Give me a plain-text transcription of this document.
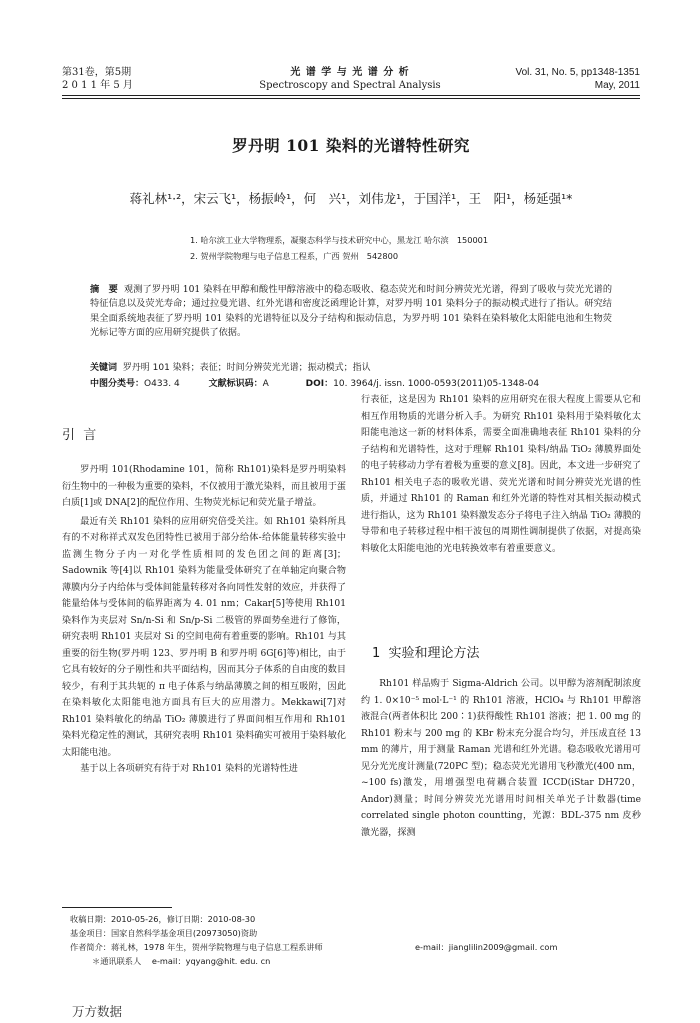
第31卷，第5期
2 0 1 1 年 5 月
光 谱 学 与 光 谱 分 析
Spectroscopy and Spectral Analysis
Vol. 31, No. 5, pp1348-1351
May, 2011
罗丹明 101 染料的光谱特性研究
蒋礼林¹·²，宋云飞¹，杨振岭¹，何　兴¹，刘伟龙¹，于国洋¹，王　阳¹，杨延强¹*
1. 哈尔滨工业大学物理系，凝聚态科学与技术研究中心，黑龙江 哈尔滨　150001
2. 贺州学院物理与电子信息工程系，广西 贺州　542800
摘　要 观测了罗丹明 101 染料在甲醇和酸性甲醇溶液中的稳态吸收、稳态荧光和时间分辨荧光光谱，得到了吸收与荧光光谱的特征信息以及荧光寿命；通过拉曼光谱、红外光谱和密度泛函理论计算，对罗丹明 101 染料分子的振动模式进行了指认。研究结果全面系统地表征了罗丹明 101 染料的光谱特征以及分子结构和振动信息，为罗丹明 101 染料在染料敏化太阳能电池和生物荧光标记等方面的应用研究提供了依据。
关键词 罗丹明 101 染料；表征；时间分辨荧光光谱；振动模式；指认
中图分类号：O433. 4	文献标识码：A	DOI：10. 3964/j. issn. 1000-0593(2011)05-1348-04
引 言

罗丹明 101(Rhodamine 101，简称 Rh101)染料是罗丹明染料衍生物中的一种极为重要的染料，不仅被用于激光染料，而且被用于蛋白质[1]或 DNA[2]的配位作用、生物荧光标记和荧光量子增益。

最近有关 Rh101 染料的应用研究倍受关注。如 Rh101 染料所具有的不对称祥式双发色团特性已被用于部分给体-给体能量转移实验中监测生物分子内一对化学性质相同的发色团之间的距离[3]；Sadownik 等[4]以 Rh101 染料为能量受体研究了在单轴定向聚合物薄膜内分子内给体与受体间能量转移对各向同性发射的效应，并获得了能量给体与受体间的临界距离为 4. 01 nm；Cakar[5]等使用 Rh101 染料作为夹层对 Sn/n-Si 和 Sn/p-Si 二极管的界面势垒进行了修饰，研究表明 Rh101 夹层对 Si 的空间电荷有着重要的影响。Rh101 与其重要的衍生物(罗丹明 123、罗丹明 B 和罗丹明 6G[6]等)相比，由于它具有较好的分子刚性和共平面结构，因而其分子体系的自由度的数目较少，有利于其共轭的 π 电子体系与纳晶薄膜之间的相互吸附，因此在染料敏化太阳能电池方面具有巨大的应用潜力。Mekkawi[7]对 Rh101 染料敏化的纳晶 TiO₂ 薄膜进行了界面间相互作用和 Rh101 染料光稳定性的测试，其研究表明 Rh101 染料确实可被用于染料敏化太阳能电池。

基于以上各项研究有待于对 Rh101 染料的光谱特性进

行表征，这是因为 Rh101 染料的应用研究在很大程度上需要从它和相互作用物质的光谱分析入手。为研究 Rh101 染料用于染料敏化太阳能电池这一新的材料体系，需要全面准确地表征 Rh101 染料的分子结构和光谱特性，这对于理解 Rh101 染料/纳晶 TiO₂ 薄膜界面处的电子转移动力学有着极为重要的意义[8]。因此，本文进一步研究了 Rh101 相关电子态的吸收光谱、荧光光谱和时间分辨荧光光谱的性质，并通过 Rh101 的 Raman 和红外光谱的特性对其相关振动模式进行指认，这为 Rh101 染料激发态分子将电子注入纳晶 TiO₂ 薄膜的导带和电子转移过程中相干波包的周期性调制提供了依据，对提高染料敏化太阳能电池的光电转换效率有着重要意义。

1 实验和理论方法

Rh101 样品购于 Sigma-Aldrich 公司。以甲醇为溶剂配制浓度约 1. 0×10⁻⁵ mol·L⁻¹ 的 Rh101 溶液，HClO₄ 与 Rh101 甲醇溶液混合(两者体积比 200∶1)获得酸性 Rh101 溶液；把 1. 00 mg 的 Rh101 粉末与 200 mg 的 KBr 粉末充分混合均匀，并压成直径 13 mm 的薄片，用于测量 Raman 光谱和红外光谱。稳态吸收光谱用可见分光光度计测量(720PC 型)；稳态荧光光谱用飞秒激光(400 nm，~100 fs)激发，用增强型电荷耦合装置 ICCD(iStar DH720，Andor)测量；时间分辨荧光光谱用时间相关单光子计数器(time correlated single photon countting，光源：BDL-375 nm 皮秒激光器，探测

收稿日期：2010-05-26，修订日期：2010-08-30
基金项目：国家自然科学基金项目(20973050)资助
作者简介：蒋礼林，1978 年生，贺州学院物理与电子信息工程系讲师	e-mail：jianglilin2009@gmail. com
＊通讯联系人　 e-mail：yqyang@hit. edu. cn
万方数据
